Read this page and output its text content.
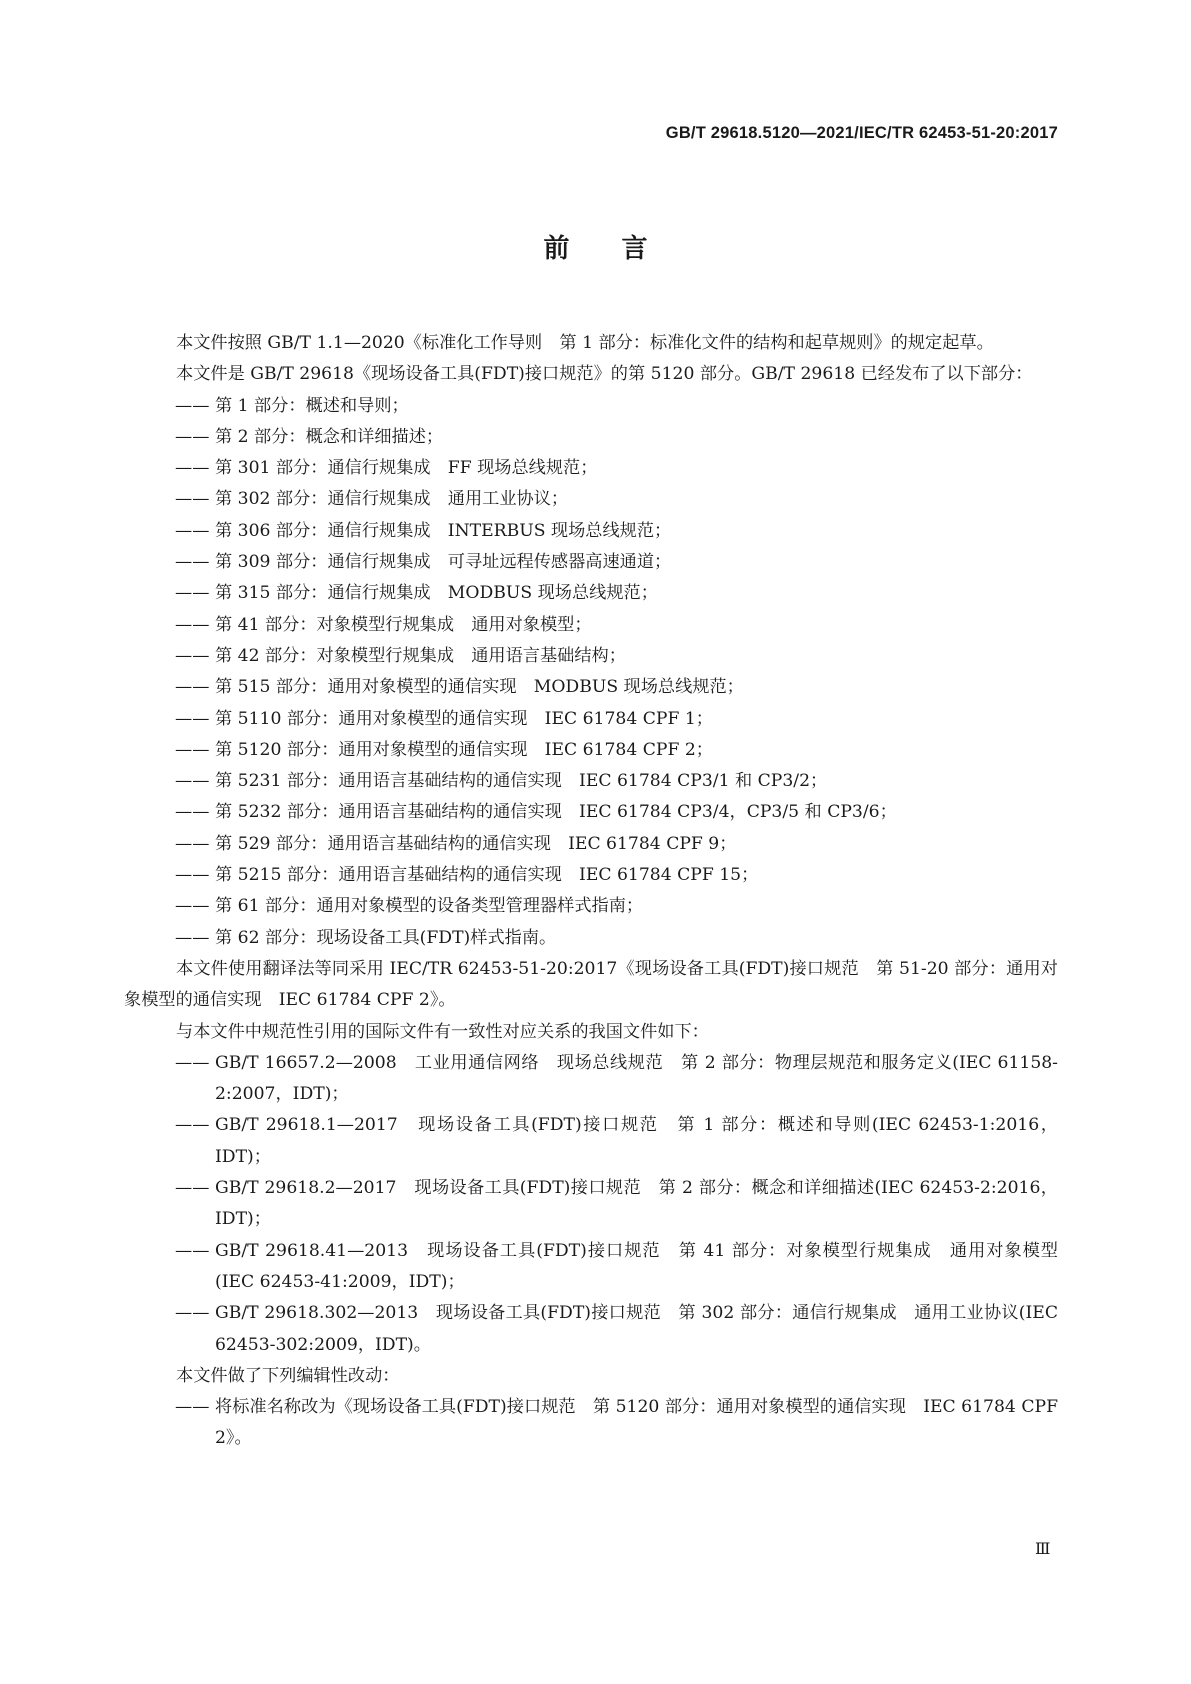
GB/T 29618.5120—2021/IEC/TR 62453-51-20:2017
前　　言

本文件按照 GB/T 1.1—2020《标准化工作导则　第 1 部分：标准化文件的结构和起草规则》的规定起草。

本文件是 GB/T 29618《现场设备工具(FDT)接口规范》的第 5120 部分。GB/T 29618 已经发布了以下部分：

—— 第 1 部分：概述和导则；
—— 第 2 部分：概念和详细描述；
—— 第 301 部分：通信行规集成　FF 现场总线规范；
—— 第 302 部分：通信行规集成　通用工业协议；
—— 第 306 部分：通信行规集成　INTERBUS 现场总线规范；
—— 第 309 部分：通信行规集成　可寻址远程传感器高速通道；
—— 第 315 部分：通信行规集成　MODBUS 现场总线规范；
—— 第 41 部分：对象模型行规集成　通用对象模型；
—— 第 42 部分：对象模型行规集成　通用语言基础结构；
—— 第 515 部分：通用对象模型的通信实现　MODBUS 现场总线规范；
—— 第 5110 部分：通用对象模型的通信实现　IEC 61784 CPF 1；
—— 第 5120 部分：通用对象模型的通信实现　IEC 61784 CPF 2；
—— 第 5231 部分：通用语言基础结构的通信实现　IEC 61784 CP3/1 和 CP3/2；
—— 第 5232 部分：通用语言基础结构的通信实现　IEC 61784 CP3/4，CP3/5 和 CP3/6；
—— 第 529 部分：通用语言基础结构的通信实现　IEC 61784 CPF 9；
—— 第 5215 部分：通用语言基础结构的通信实现　IEC 61784 CPF 15；
—— 第 61 部分：通用对象模型的设备类型管理器样式指南；
—— 第 62 部分：现场设备工具(FDT)样式指南。

本文件使用翻译法等同采用 IEC/TR 62453-51-20:2017《现场设备工具(FDT)接口规范　第 51-20 部分：通用对象模型的通信实现　IEC 61784 CPF 2》。

与本文件中规范性引用的国际文件有一致性对应关系的我国文件如下：

—— GB/T 16657.2—2008　工业用通信网络　现场总线规范　第 2 部分：物理层规范和服务定义(IEC 61158-2:2007，IDT)；
—— GB/T 29618.1—2017　现场设备工具(FDT)接口规范　第 1 部分：概述和导则(IEC 62453-1:2016，IDT)；
—— GB/T 29618.2—2017　现场设备工具(FDT)接口规范　第 2 部分：概念和详细描述(IEC 62453-2:2016，IDT)；
—— GB/T 29618.41—2013　现场设备工具(FDT)接口规范　第 41 部分：对象模型行规集成　通用对象模型(IEC 62453-41:2009，IDT)；
—— GB/T 29618.302—2013　现场设备工具(FDT)接口规范　第 302 部分：通信行规集成　通用工业协议(IEC 62453-302:2009，IDT)。

本文件做了下列编辑性改动：

—— 将标准名称改为《现场设备工具(FDT)接口规范　第 5120 部分：通用对象模型的通信实现　IEC 61784 CPF 2》。
Ⅲ
